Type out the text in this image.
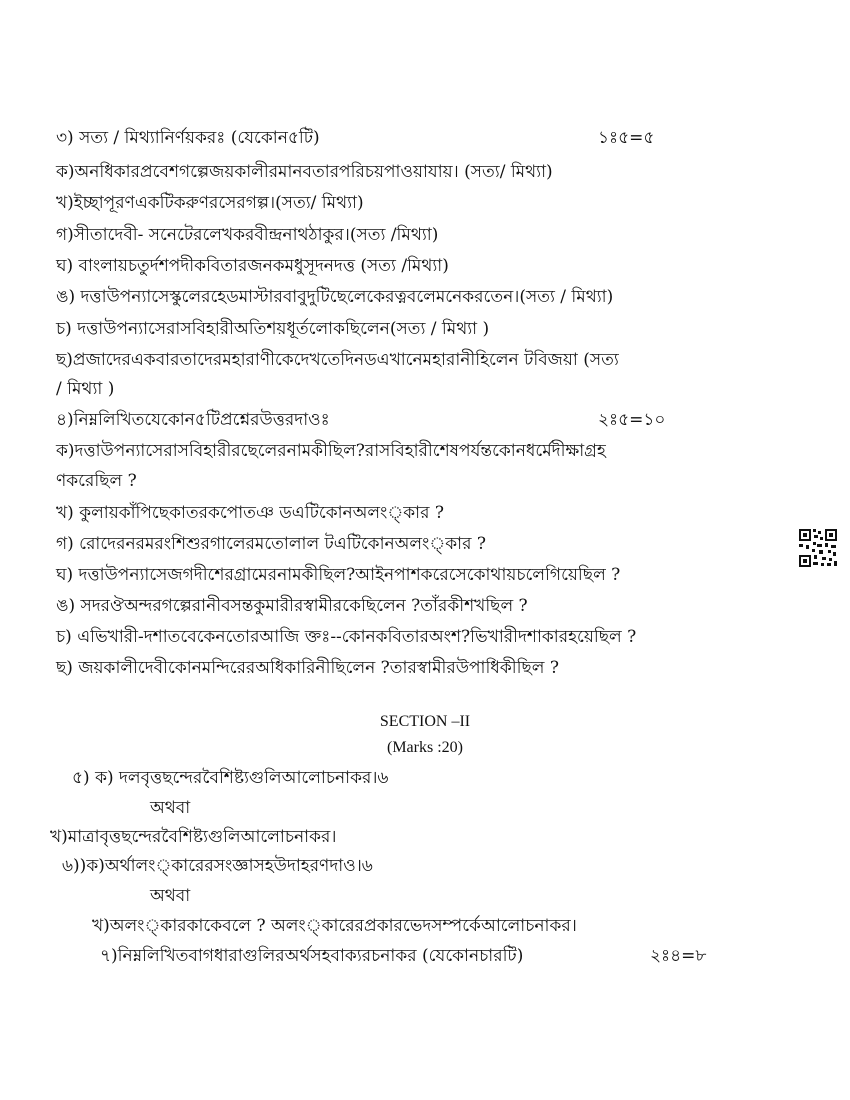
৩) সত্য / মিথ্যানির্ণয়করঃ (যেকোন৫টি)	১ঃ৫=৫
ক)অনধিকারপ্রবেশগল্পেজয়কালীরমানবতারপরিচয়পাওয়াযায়। (সত্য/ মিথ্যা)
খ)ইচ্ছাপূরণএকটিকরুণরসেরগল্প।(সত্য/ মিথ্যা)
গ)সীতাদেবী- সনেটেরলেখকরবীন্দ্রনাথঠাকুর।(সত্য /মিথ্যা)
ঘ) বাংলায়চতুর্দশপদীকবিতারজনকমধুসূদনদত্ত (সত্য /মিথ্যা)
ঙ) দত্তাউপন্যাসেস্কুলেরহেডমাস্টারবাবুদুটিছেলেকেরত্নবলেমনেকরতেন।(সত্য / মিথ্যা)
চ) দত্তাউপন্যাসেরাসবিহারীঅতিশয়ধূর্তলোকছিলেন(সত্য / মিথ্যা )
ছ)প্রজাদেরএকবারতাদেরমহারাণীকেদেখতেদিনডএখানেমহারানীহিলেন টবিজয়া (সত্য
/ মিথ্যা )
৪)নিম্নলিখিতযেকোন৫টিপ্রশ্নেরউত্তরদাওঃ	২ঃ৫=১০
ক)দত্তাউপন্যাসেরাসবিহারীরছেলেরনামকীছিল?রাসবিহারীশেষপর্যন্তকোনধর্মেদীক্ষাগ্রহ
ণকরেছিল ?
খ) কুলায়কাঁপিছেকাতরকপোতঞ ডএটিকোনঅলং্কার ?
গ) রোদেরনরমরংশিশুরগালেরমতোলাল টএটিকোনঅলং্কার ?
ঘ) দত্তাউপন্যাসেজগদীশেরগ্রামেরনামকীছিল?আইনপাশকরেসেকোথায়চলেগিয়েছিল ?
ঙ) সদরঔঅন্দরগল্পেরানীবসন্তকুমারীরস্বামীরকেছিলেন ?তাঁরকীশখছিল ?
চ) এভিখারী-দশাতবেকেনতোরআজি ক্তঃ--কোনকবিতারঅংশ?ভিখারীদশাকারহয়েছিল ?
ছ) জয়কালীদেবীকোনমন্দিরেরঅধিকারিনীছিলেন ?তারস্বামীরউপাধিকীছিল ?
SECTION –II
(Marks :20)
৫) ক) দলবৃত্তছন্দেরবৈশিষ্ট্যগুলিআলোচনাকর।৬
অথবা
খ)মাত্রাবৃত্তছন্দেরবৈশিষ্ট্যগুলিআলোচনাকর।
৬))ক)অর্থালং্কারেরসংজ্ঞাসহউদাহরণদাও।৬
অথবা
খ)অলং্কারকাকেবলে ? অলং্কারেরপ্রকারভেদসম্পর্কেআলোচনাকর।
৭)নিম্নলিখিতবাগধারাগুলিরঅর্থসহবাক্যরচনাকর (যেকোনচারটি)	২ঃ৪=৮
